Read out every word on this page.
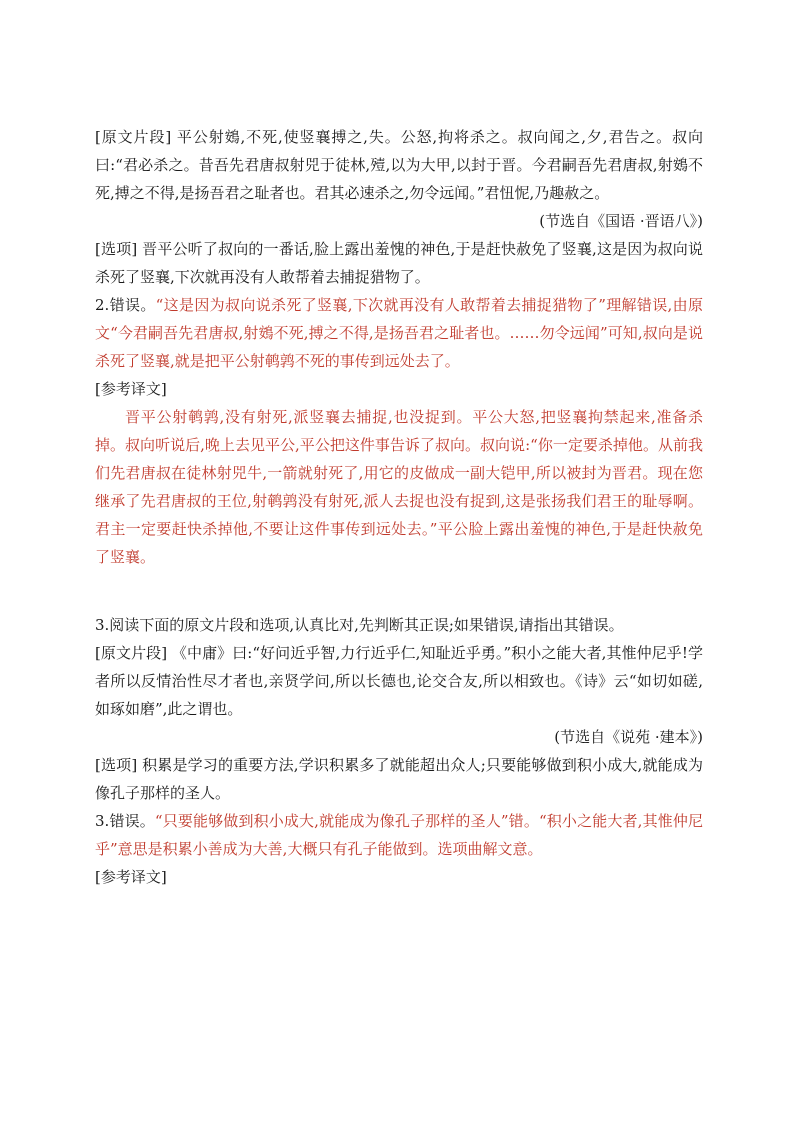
[原文片段] 平公射鴳,不死,使竖襄搏之,失。公怒,拘将杀之。叔向闻之,夕,君告之。叔向曰:“君必杀之。昔吾先君唐叔射兕于徒林,殪,以为大甲,以封于晋。今君嗣吾先君唐叔,射鴳不死,搏之不得,是扬吾君之耻者也。君其必速杀之,勿令远闻。”君忸怩,乃趣赦之。

(节选自《国语 ·晋语八》)

[选项] 晋平公听了叔向的一番话,脸上露出羞愧的神色,于是赶快赦免了竖襄,这是因为叔向说杀死了竖襄,下次就再没有人敢帮着去捕捉猎物了。

2.错误。“这是因为叔向说杀死了竖襄,下次就再没有人敢帮着去捕捉猎物了”理解错误,由原文“今君嗣吾先君唐叔,射鴳不死,搏之不得,是扬吾君之耻者也。……勿令远闻”可知,叔向是说杀死了竖襄,就是把平公射鹌鹑不死的事传到远处去了。

[参考译文]

晋平公射鹌鹑,没有射死,派竖襄去捕捉,也没捉到。平公大怒,把竖襄拘禁起来,准备杀掉。叔向听说后,晚上去见平公,平公把这件事告诉了叔向。叔向说:“你一定要杀掉他。从前我们先君唐叔在徒林射兕牛,一箭就射死了,用它的皮做成一副大铠甲,所以被封为晋君。现在您继承了先君唐叔的王位,射鹌鹑没有射死,派人去捉也没有捉到,这是张扬我们君王的耻辱啊。君主一定要赶快杀掉他,不要让这件事传到远处去。”平公脸上露出羞愧的神色,于是赶快赦免了竖襄。

3.阅读下面的原文片段和选项,认真比对,先判断其正误;如果错误,请指出其错误。

[原文片段] 《中庸》曰:“好问近乎智,力行近乎仁,知耻近乎勇。”积小之能大者,其惟仲尼乎!学者所以反情治性尽才者也,亲贤学问,所以长德也,论交合友,所以相致也。《诗》云“如切如磋,如琢如磨”,此之谓也。

(节选自《说苑 ·建本》)

[选项] 积累是学习的重要方法,学识积累多了就能超出众人;只要能够做到积小成大,就能成为像孔子那样的圣人。

3.错误。“只要能够做到积小成大,就能成为像孔子那样的圣人”错。“积小之能大者,其惟仲尼乎”意思是积累小善成为大善,大概只有孔子能做到。选项曲解文意。

[参考译文]
